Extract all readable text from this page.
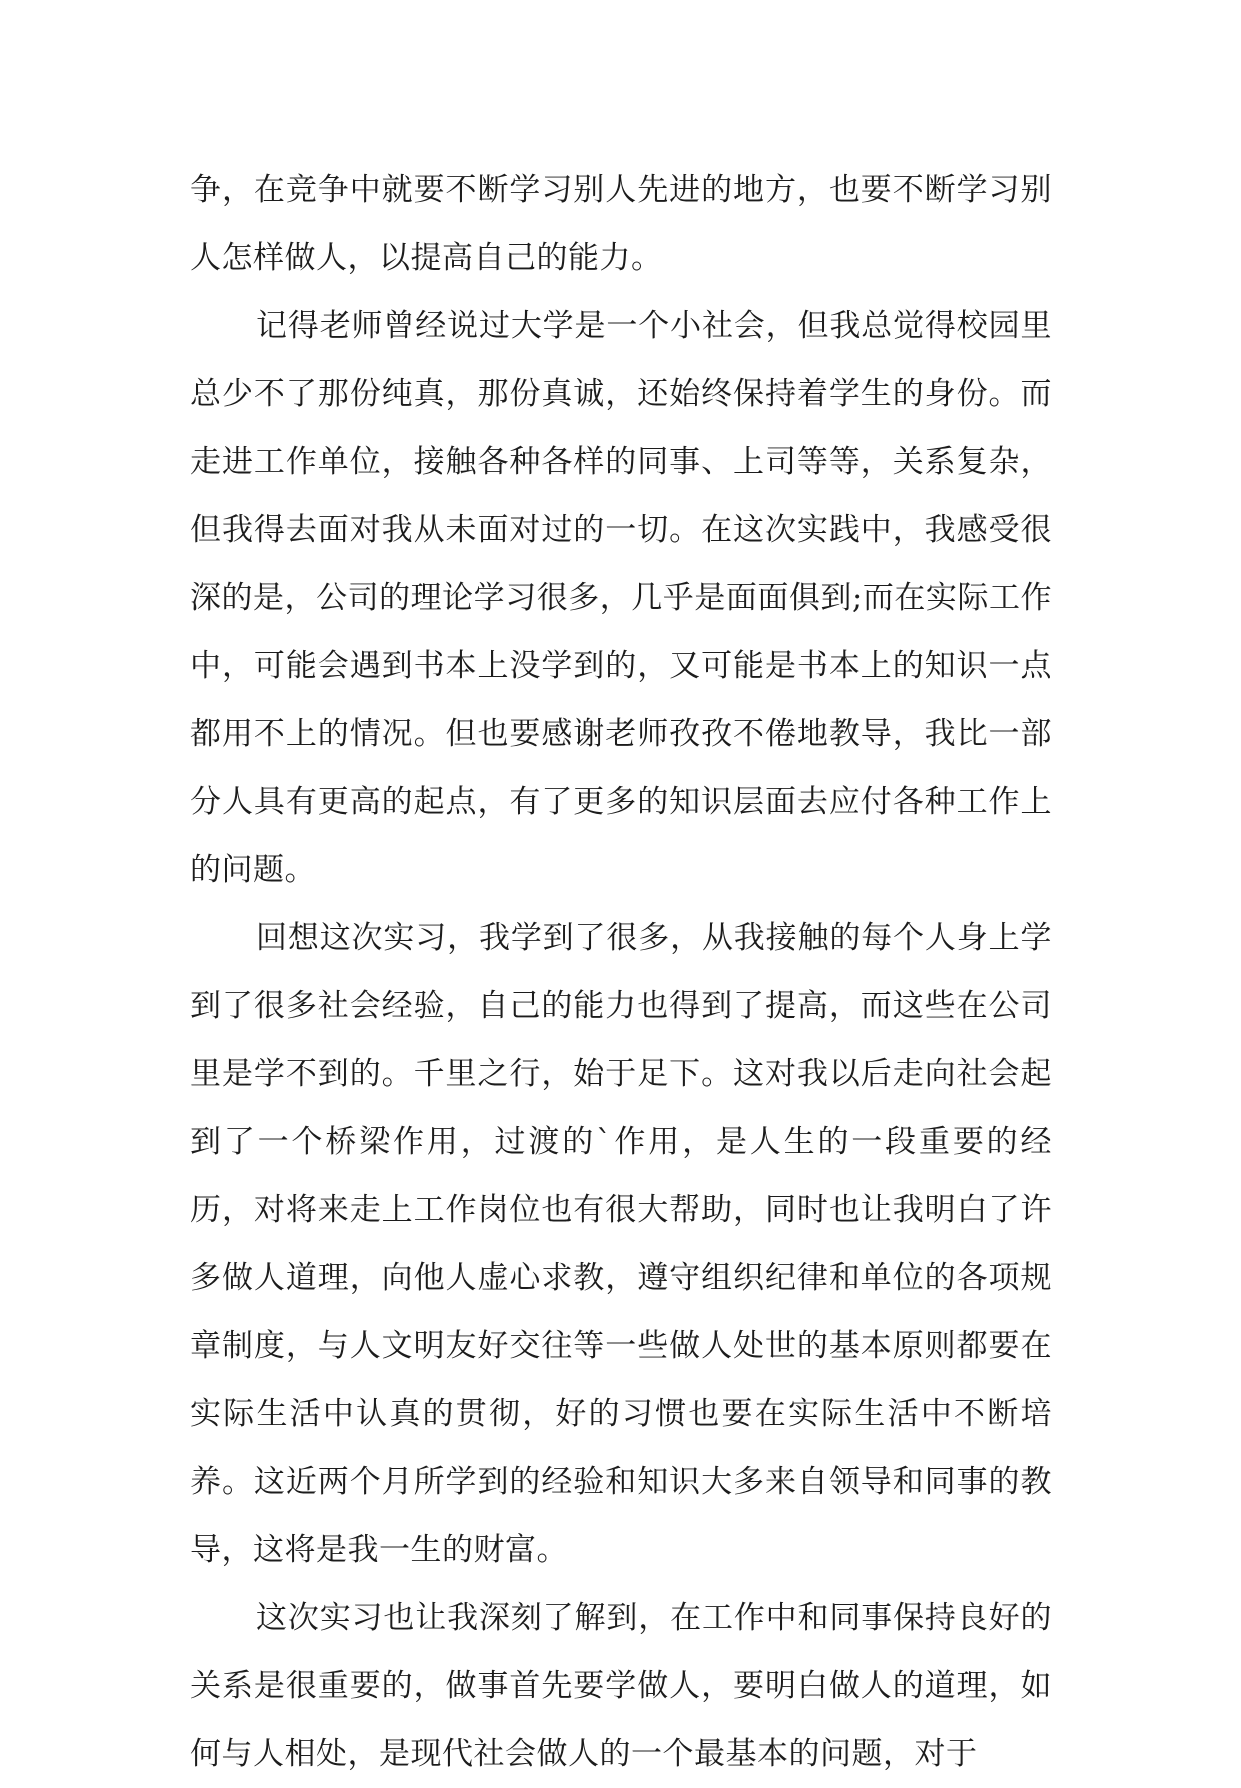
争，在竞争中就要不断学习别人先进的地方，也要不断学习别人怎样做人，以提高自己的能力。

记得老师曾经说过大学是一个小社会，但我总觉得校园里总少不了那份纯真，那份真诚，还始终保持着学生的身份。而走进工作单位，接触各种各样的同事、上司等等，关系复杂，但我得去面对我从未面对过的一切。在这次实践中，我感受很深的是，公司的理论学习很多，几乎是面面俱到;而在实际工作中，可能会遇到书本上没学到的，又可能是书本上的知识一点都用不上的情况。但也要感谢老师孜孜不倦地教导，我比一部分人具有更高的起点，有了更多的知识层面去应付各种工作上的问题。

回想这次实习，我学到了很多，从我接触的每个人身上学到了很多社会经验，自己的能力也得到了提高，而这些在公司里是学不到的。千里之行，始于足下。这对我以后走向社会起到了一个桥梁作用，过渡的`作用，是人生的一段重要的经历，对将来走上工作岗位也有很大帮助，同时也让我明白了许多做人道理，向他人虚心求教，遵守组织纪律和单位的各项规章制度，与人文明友好交往等一些做人处世的基本原则都要在实际生活中认真的贯彻，好的习惯也要在实际生活中不断培养。这近两个月所学到的经验和知识大多来自领导和同事的教导，这将是我一生的财富。

这次实习也让我深刻了解到，在工作中和同事保持良好的关系是很重要的，做事首先要学做人，要明白做人的道理，如何与人相处，是现代社会做人的一个最基本的问题，对于
